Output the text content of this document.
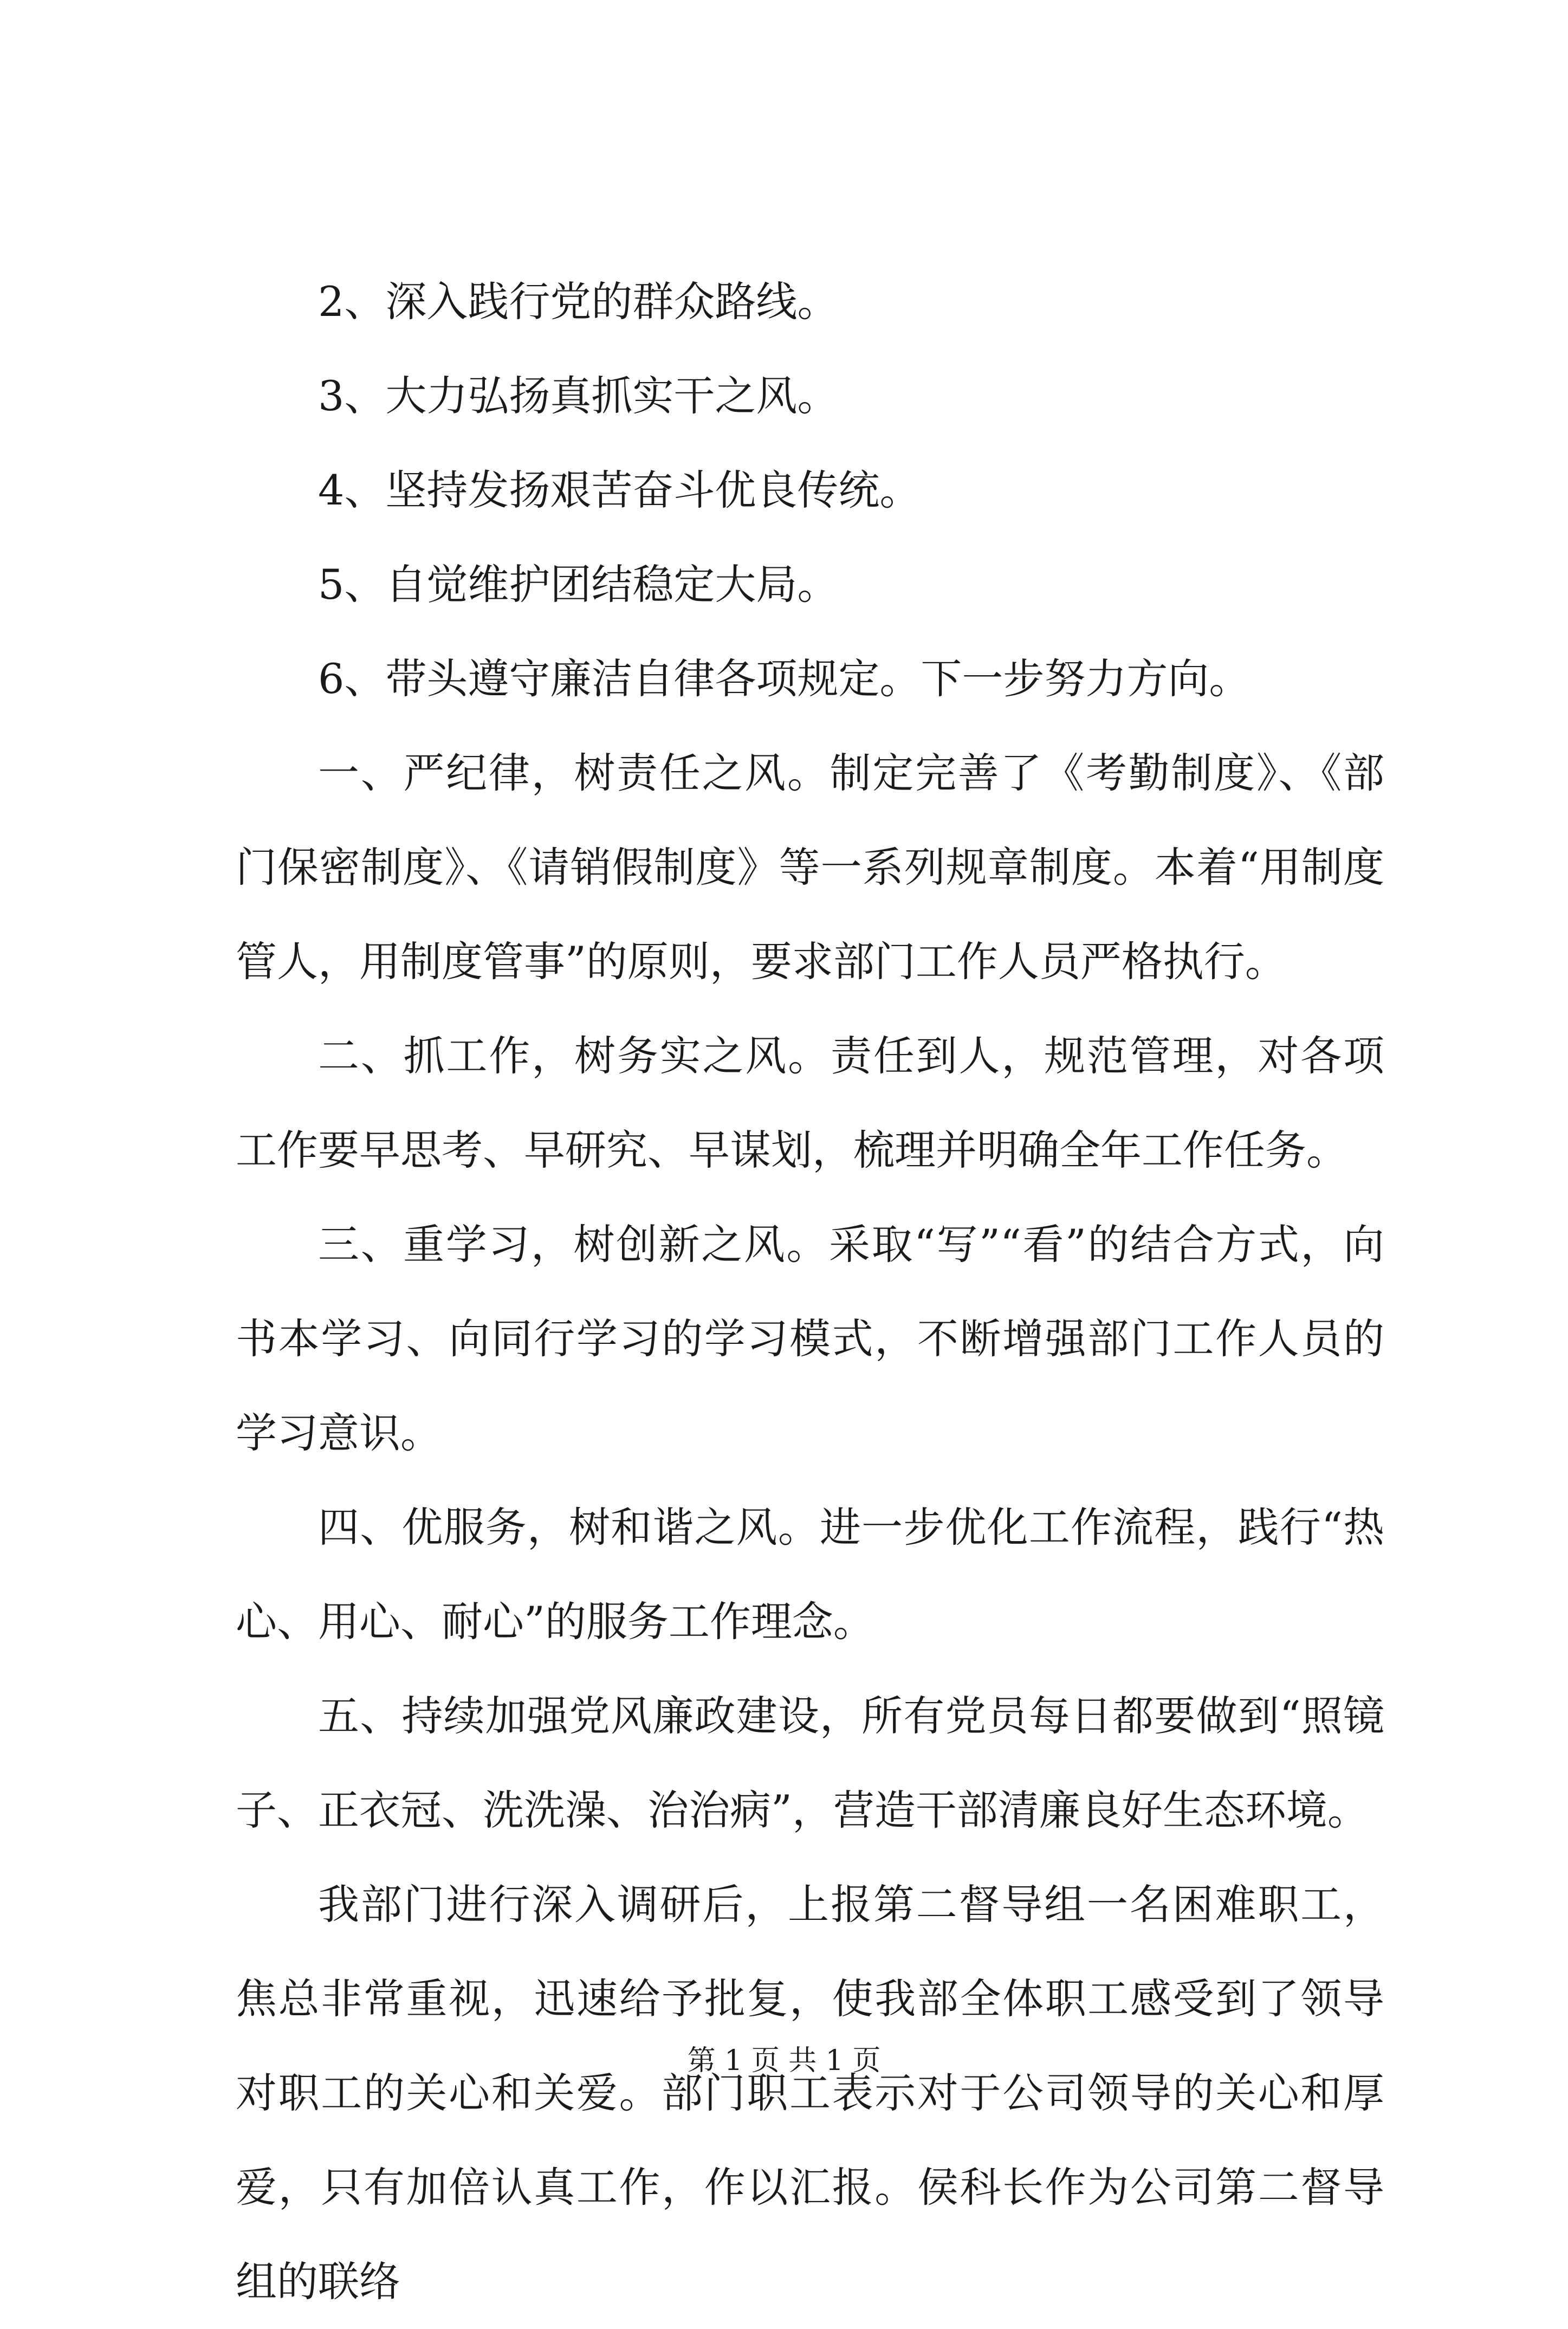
2、深入践行党的群众路线。

3、大力弘扬真抓实干之风。

4、坚持发扬艰苦奋斗优良传统。

5、自觉维护团结稳定大局。

6、带头遵守廉洁自律各项规定。下一步努力方向。

一、严纪律，树责任之风。制定完善了《考勤制度》、《部门保密制度》、《请销假制度》等一系列规章制度。本着“用制度管人，用制度管事”的原则，要求部门工作人员严格执行。

二、抓工作，树务实之风。责任到人，规范管理，对各项工作要早思考、早研究、早谋划，梳理并明确全年工作任务。

三、重学习，树创新之风。采取“写”“看”的结合方式，向书本学习、向同行学习的学习模式，不断增强部门工作人员的学习意识。

四、优服务，树和谐之风。进一步优化工作流程，践行“热心、用心、耐心”的服务工作理念。

五、持续加强党风廉政建设，所有党员每日都要做到“照镜子、正衣冠、洗洗澡、治治病”，营造干部清廉良好生态环境。

我部门进行深入调研后，上报第二督导组一名困难职工，焦总非常重视，迅速给予批复，使我部全体职工感受到了领导对职工的关心和关爱。部门职工表示对于公司领导的关心和厚爱，只有加倍认真工作，作以汇报。侯科长作为公司第二督导组的联络

第 1 页 共 1 页
